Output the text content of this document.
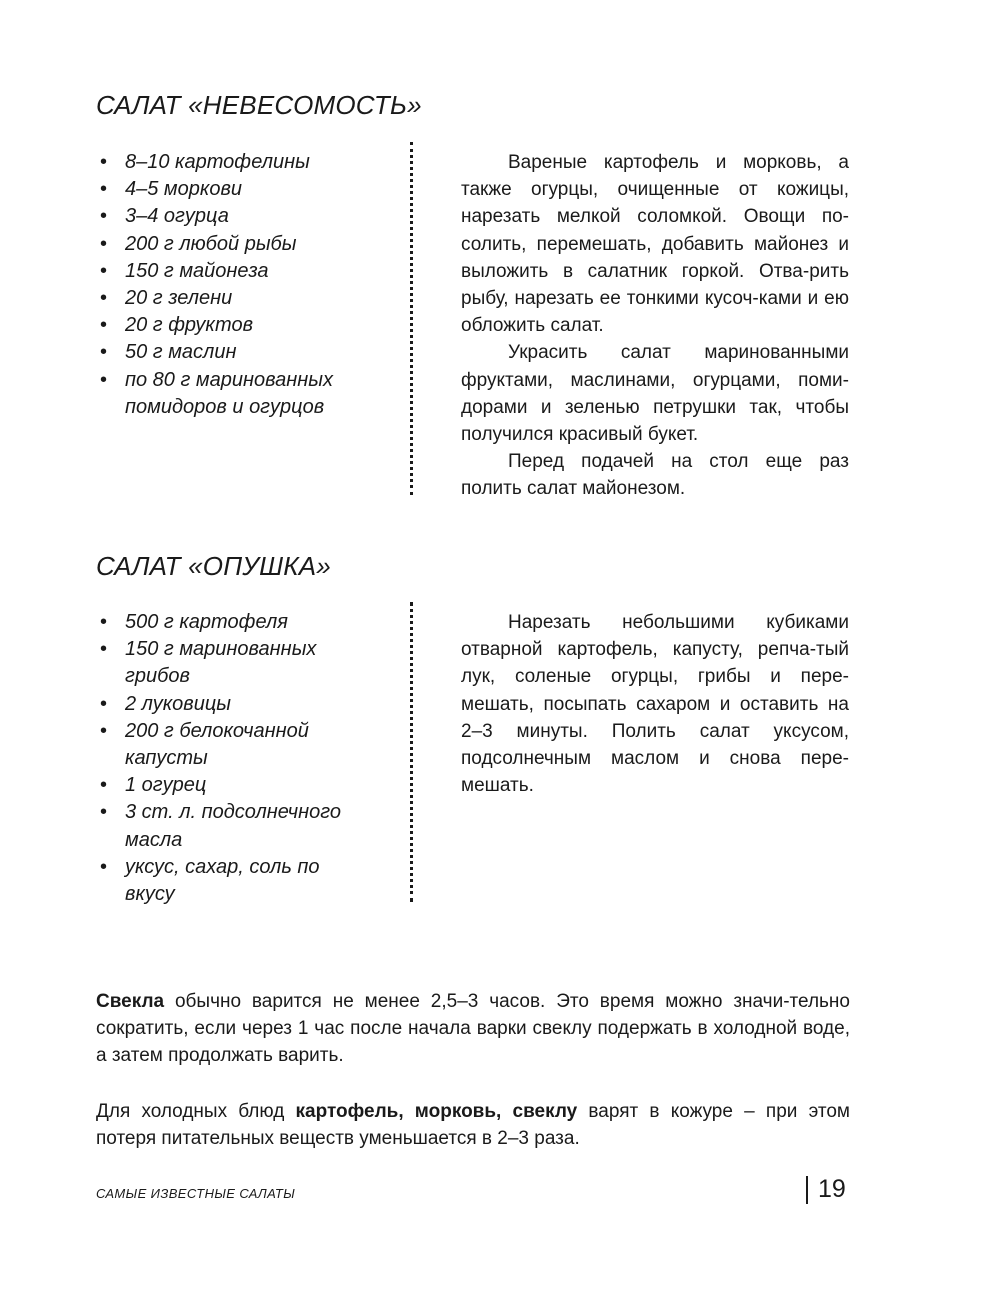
САЛАТ «НЕВЕСОМОСТЬ»
• 8–10 картофелины
• 4–5 моркови
• 3–4 огурца
• 200 г любой рыбы
• 150 г майонеза
• 20 г зелени
• 20 г фруктов
• 50 г маслин
• по 80 г маринованных помидоров и огурцов

Вареные картофель и морковь, а также огурцы, очищенные от кожицы, нарезать мелкой соломкой. Овощи по-​солить, перемешать, добавить майонез и выложить в салатник горкой. Отва-​рить рыбу, нарезать ее тонкими кусоч-​ками и ею обложить салат.

Украсить салат маринованными фруктами, маслинами, огурцами, поми-​дорами и зеленью петрушки так, чтобы получился красивый букет.

Перед подачей на стол еще раз полить салат майонезом.

САЛАТ «ОПУШКА»
• 500 г картофеля
• 150 г маринованных грибов
• 2 луковицы
• 200 г белокочанной капусты
• 1 огурец
• 3 ст. л. подсолнечного масла
• уксус, сахар, соль по вкусу

Нарезать небольшими кубиками отварной картофель, капусту, репча-​тый лук, соленые огурцы, грибы и пере-​мешать, посыпать сахаром и оставить на 2–3 минуты. Полить салат уксусом, подсолнечным маслом и снова пере-​мешать.

Свекла обычно варится не менее 2,5–3 часов. Это время можно значи-​тельно сократить, если через 1 час после начала варки свеклу подержать в холодной воде, а затем продолжать варить.

Для холодных блюд картофель, морковь, свеклу варят в кожуре – при этом потеря питательных веществ уменьшается в 2–3 раза.

САМЫЕ ИЗВЕСТНЫЕ САЛАТЫ	19
